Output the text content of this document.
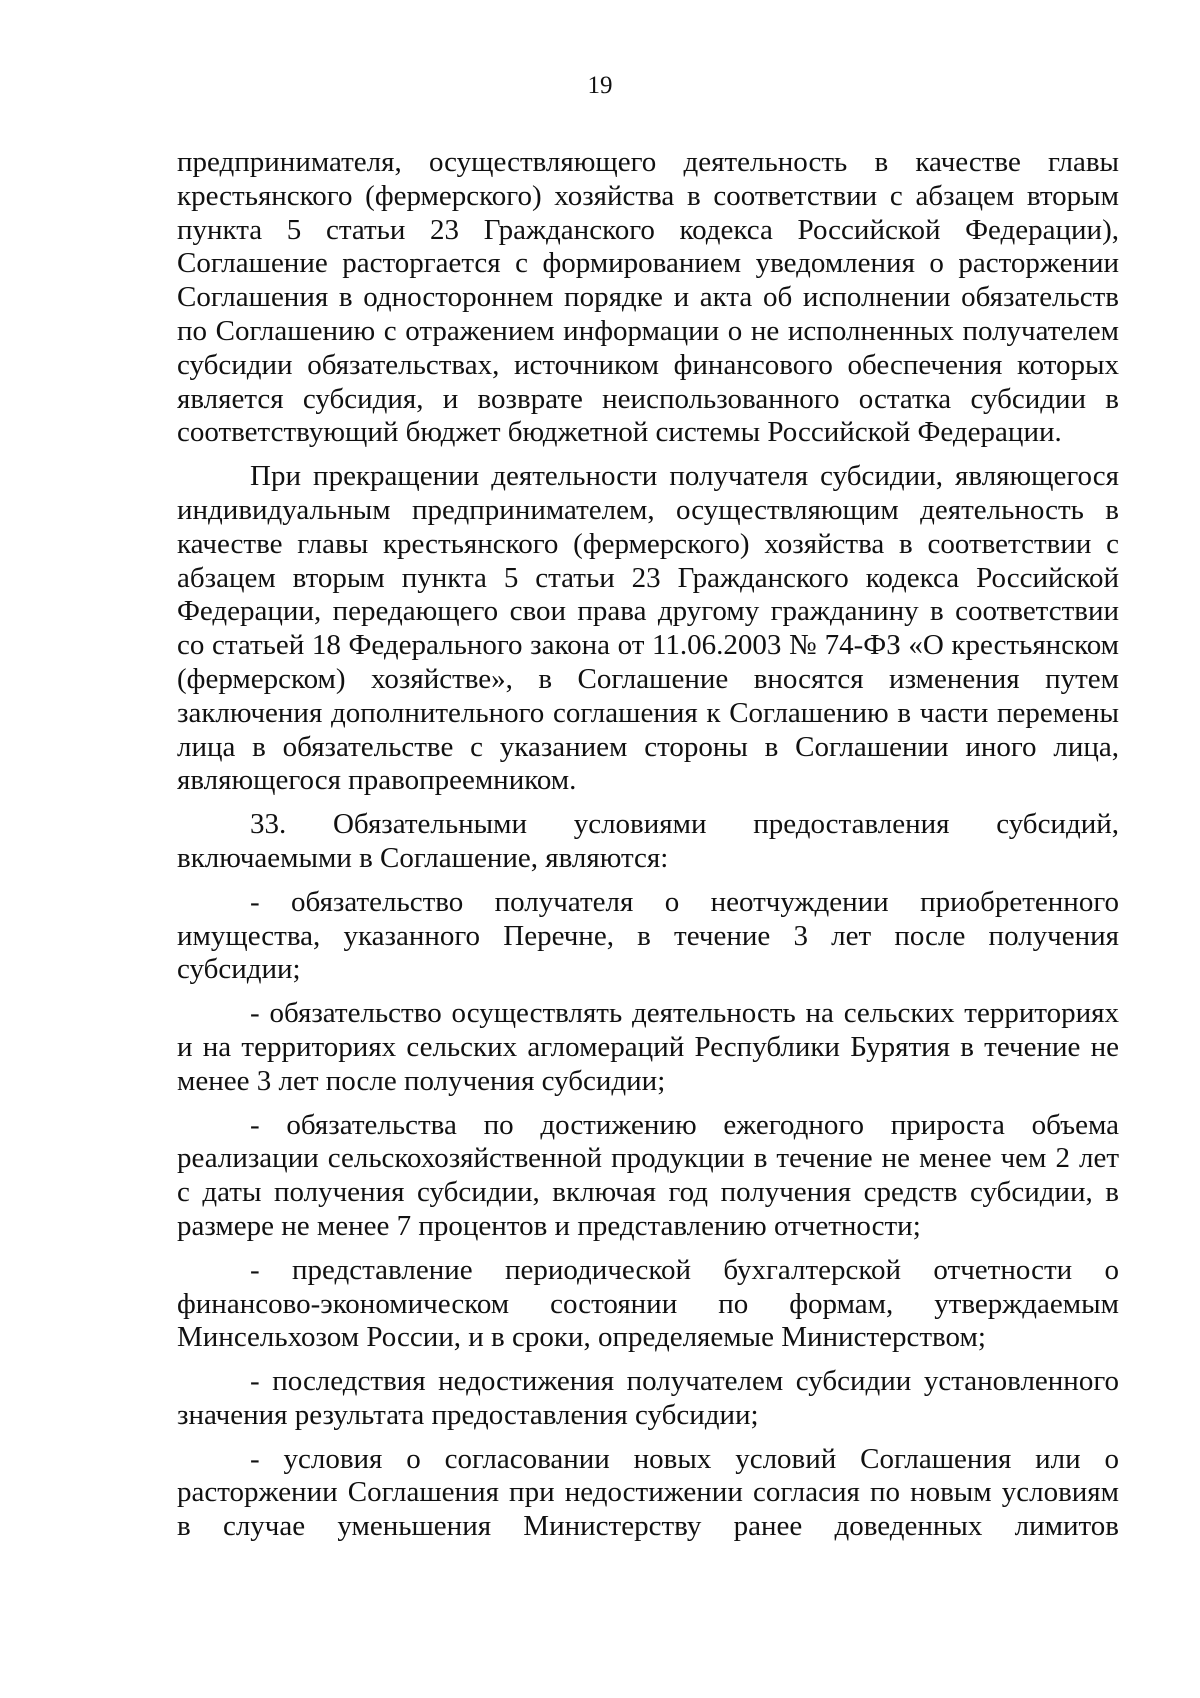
19

предпринимателя, осуществляющего деятельность в качестве главы крестьянского (фермерского) хозяйства в соответствии с абзацем вторым пункта 5 статьи 23 Гражданского кодекса Российской Федерации), Соглашение расторгается с формированием уведомления о расторжении Соглашения в одностороннем порядке и акта об исполнении обязательств по Соглашению с отражением информации о не исполненных получателем субсидии обязательствах, источником финансового обеспечения которых является субсидия, и возврате неиспользованного остатка субсидии в соответствующий бюджет бюджетной системы Российской Федерации.

При прекращении деятельности получателя субсидии, являющегося индивидуальным предпринимателем, осуществляющим деятельность в качестве главы крестьянского (фермерского) хозяйства в соответствии с абзацем вторым пункта 5 статьи 23 Гражданского кодекса Российской Федерации, передающего свои права другому гражданину в соответствии со статьей 18 Федерального закона от 11.06.2003 № 74-ФЗ «О крестьянском (фермерском) хозяйстве», в Соглашение вносятся изменения путем заключения дополнительного соглашения к Соглашению в части перемены лица в обязательстве с указанием стороны в Соглашении иного лица, являющегося правопреемником.

33. Обязательными условиями предоставления субсидий, включаемыми в Соглашение, являются:

- обязательство получателя о неотчуждении приобретенного имущества, указанного Перечне, в течение 3 лет после получения субсидии;

- обязательство осуществлять деятельность на сельских территориях и на территориях сельских агломераций Республики Бурятия в течение не менее 3 лет после получения субсидии;

- обязательства по достижению ежегодного прироста объема реализации сельскохозяйственной продукции в течение не менее чем 2 лет с даты получения субсидии, включая год получения средств субсидии, в размере не менее 7 процентов и представлению отчетности;

- представление периодической бухгалтерской отчетности о финансово-экономическом состоянии по формам, утверждаемым Минсельхозом России, и в сроки, определяемые Министерством;

- последствия недостижения получателем субсидии установленного значения результата предоставления субсидии;

- условия о согласовании новых условий Соглашения или о расторжении Соглашения при недостижении согласия по новым условиям в случае уменьшения Министерству ранее доведенных лимитов
